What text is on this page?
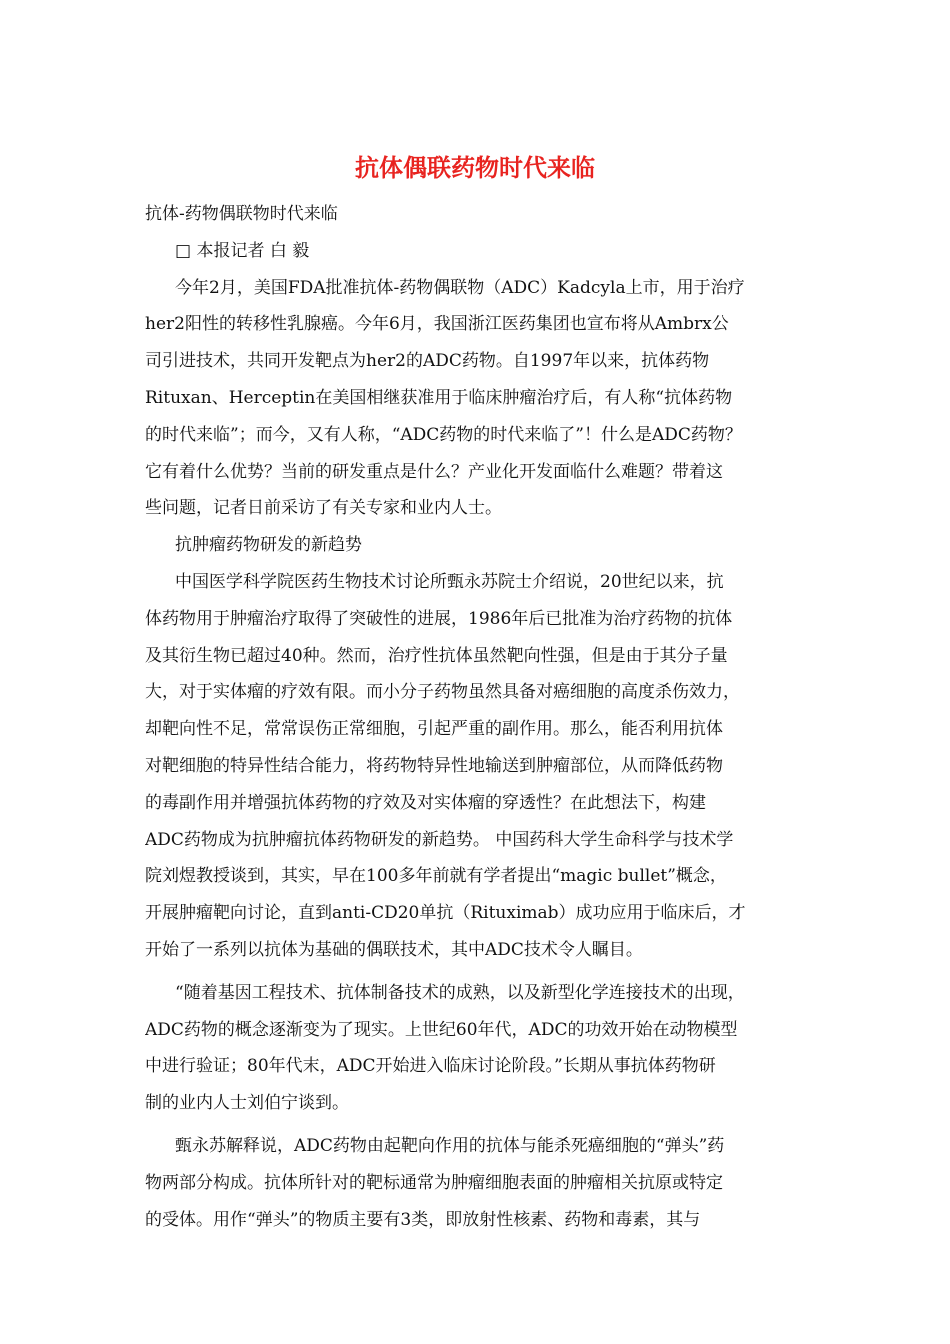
抗体偶联药物时代来临
抗体-药物偶联物时代来临
□ 本报记者 白 毅
今年2月，美国FDA批准抗体-药物偶联物（ADC）Kadcyla上市，用于治疗
her2阳性的转移性乳腺癌。今年6月，我国浙江医药集团也宣布将从Ambrx公
司引进技术，共同开发靶点为her2的ADC药物。自1997年以来，抗体药物
Rituxan、Herceptin在美国相继获准用于临床肿瘤治疗后，有人称“抗体药物
的时代来临”；而今，又有人称，“ADC药物的时代来临了”！什么是ADC药物？
它有着什么优势？当前的研发重点是什么？产业化开发面临什么难题？带着这
些问题，记者日前采访了有关专家和业内人士。
抗肿瘤药物研发的新趋势
中国医学科学院医药生物技术讨论所甄永苏院士介绍说，20世纪以来，抗
体药物用于肿瘤治疗取得了突破性的进展，1986年后已批准为治疗药物的抗体
及其衍生物已超过40种。然而，治疗性抗体虽然靶向性强，但是由于其分子量
大，对于实体瘤的疗效有限。而小分子药物虽然具备对癌细胞的高度杀伤效力，
却靶向性不足，常常误伤正常细胞，引起严重的副作用。那么，能否利用抗体
对靶细胞的特异性结合能力，将药物特异性地输送到肿瘤部位，从而降低药物
的毒副作用并增强抗体药物的疗效及对实体瘤的穿透性？在此想法下，构建
ADC药物成为抗肿瘤抗体药物研发的新趋势。 中国药科大学生命科学与技术学
院刘煜教授谈到，其实，早在100多年前就有学者提出“magic bullet”概念，
开展肿瘤靶向讨论，直到anti-CD20单抗（Rituximab）成功应用于临床后，才
开始了一系列以抗体为基础的偶联技术，其中ADC技术令人瞩目。
“随着基因工程技术、抗体制备技术的成熟，以及新型化学连接技术的出现，
ADC药物的概念逐渐变为了现实。上世纪60年代，ADC的功效开始在动物模型
中进行验证；80年代末，ADC开始进入临床讨论阶段。”长期从事抗体药物研
制的业内人士刘伯宁谈到。
甄永苏解释说，ADC药物由起靶向作用的抗体与能杀死癌细胞的“弹头”药
物两部分构成。抗体所针对的靶标通常为肿瘤细胞表面的肿瘤相关抗原或特定
的受体。用作“弹头”的物质主要有3类，即放射性核素、药物和毒素，其与
